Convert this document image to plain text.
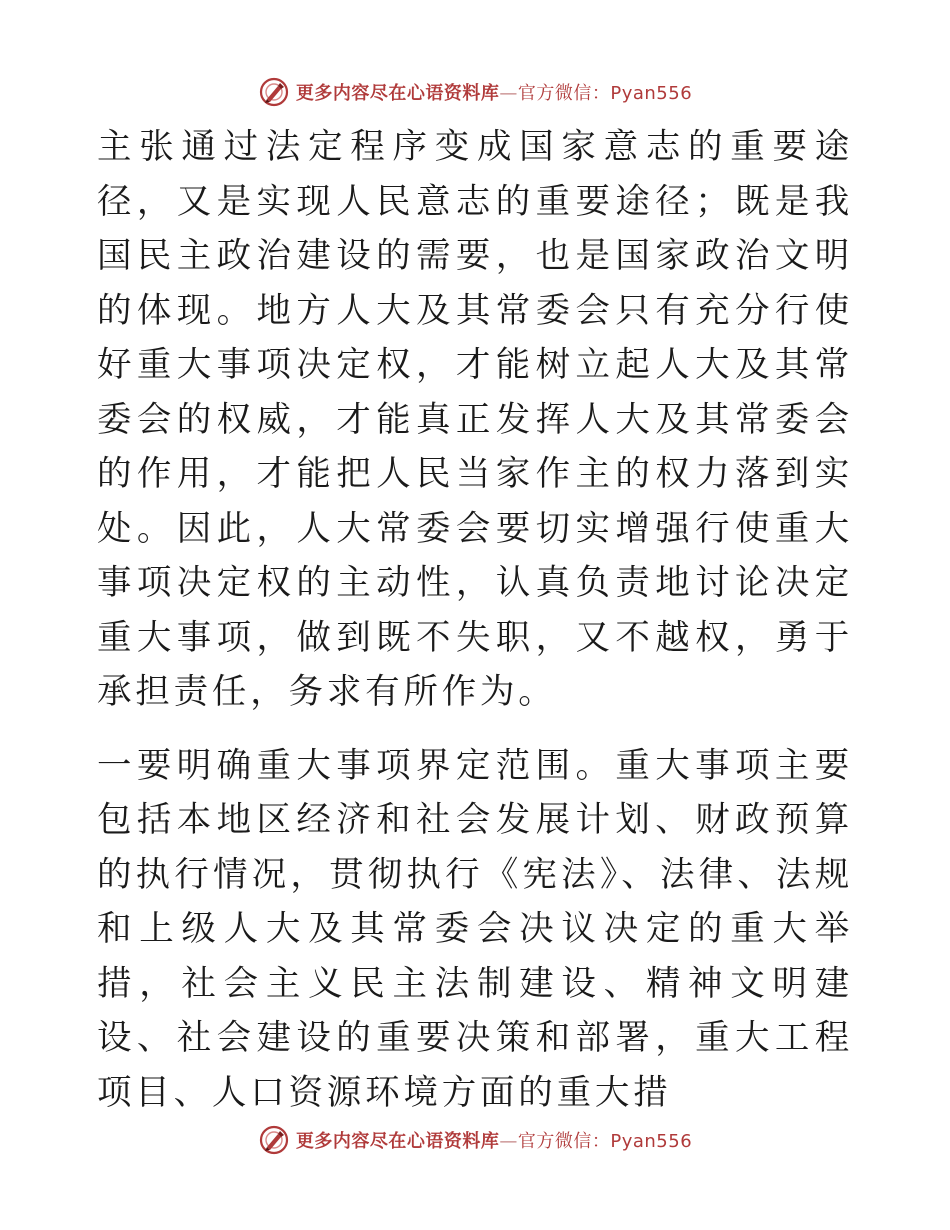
更多内容尽在心语资料库—官方微信：Pyan556

主张通过法定程序变成国家意志的重要途径，又是实现人民意志的重要途径；既是我国民主政治建设的需要，也是国家政治文明的体现。地方人大及其常委会只有充分行使好重大事项决定权，才能树立起人大及其常委会的权威，才能真正发挥人大及其常委会的作用，才能把人民当家作主的权力落到实处。因此，人大常委会要切实增强行使重大事项决定权的主动性，认真负责地讨论决定重大事项，做到既不失职，又不越权，勇于承担责任，务求有所作为。

一要明确重大事项界定范围。重大事项主要包括本地区经济和社会发展计划、财政预算的执行情况，贯彻执行《宪法》、法律、法规和上级人大及其常委会决议决定的重大举措，社会主义民主法制建设、精神文明建设、社会建设的重要决策和部署，重大工程项目、人口资源环境方面的重大措

更多内容尽在心语资料库—官方微信：Pyan556
